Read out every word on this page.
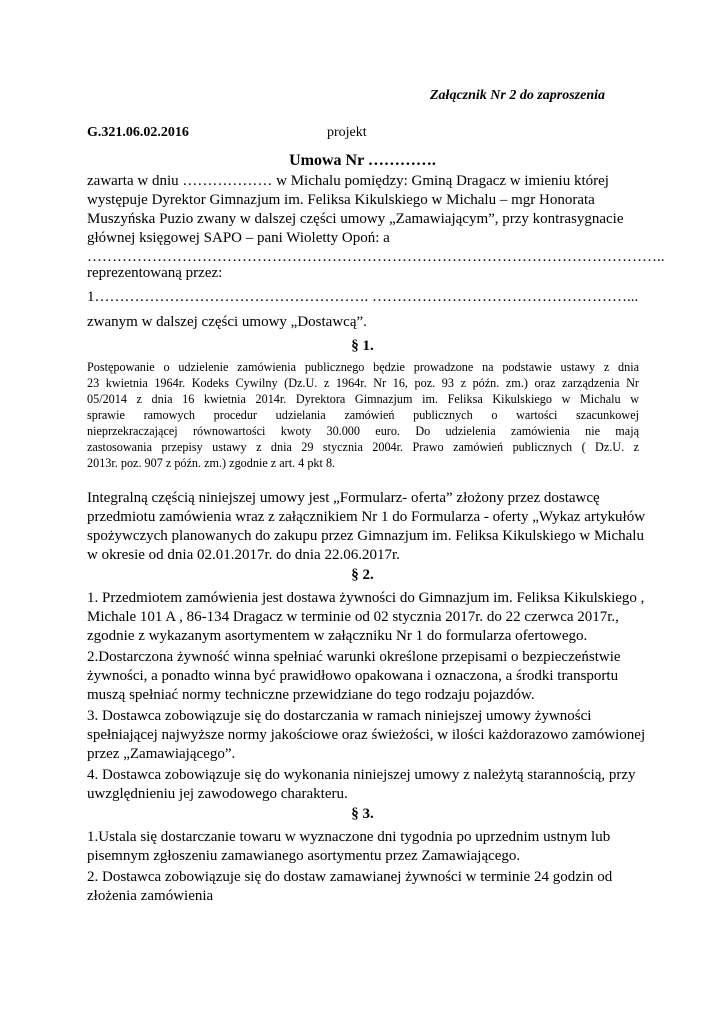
Załącznik Nr 2 do zaproszenia
G.321.06.02.2016	projekt
Umowa Nr ………….
zawarta w dniu ……………… w Michalu pomiędzy: Gminą Dragacz w imieniu której
występuje Dyrektor Gimnazjum im. Feliksa Kikulskiego w Michalu – mgr Honorata
Muszyńska Puzio zwany w dalszej części umowy „Zamawiającym”, przy kontrasygnacie
głównej księgowej SAPO – pani Wioletty Opoń: a
……………………………………………………………………………………………………..
reprezentowaną przez:
1………………………………………………. ……………………………………………...
zwanym w dalszej części umowy „Dostawcą”.
§ 1.
Postępowanie o udzielenie zamówienia publicznego będzie prowadzone na podstawie ustawy z dnia
23 kwietnia 1964r. Kodeks Cywilny (Dz.U. z 1964r. Nr 16, poz. 93 z późn. zm.) oraz zarządzenia Nr
05/2014 z dnia 16 kwietnia 2014r. Dyrektora Gimnazjum im. Feliksa Kikulskiego w Michalu w
sprawie ramowych procedur udzielania zamówień publicznych o wartości szacunkowej
nieprzekraczającej równowartości kwoty 30.000 euro. Do udzielenia zamówienia nie mają
zastosowania przepisy ustawy z dnia 29 stycznia 2004r. Prawo zamówień publicznych ( Dz.U. z
2013r. poz. 907 z późn. zm.) zgodnie z art. 4 pkt 8.
Integralną częścią niniejszej umowy jest „Formularz- oferta” złożony przez dostawcę
przedmiotu zamówienia wraz z załącznikiem Nr 1 do Formularza - oferty „Wykaz artykułów
spożywczych planowanych do zakupu przez Gimnazjum im. Feliksa Kikulskiego w Michalu
w okresie od dnia 02.01.2017r. do dnia 22.06.2017r.
§ 2.
1. Przedmiotem zamówienia jest dostawa żywności do Gimnazjum im. Feliksa Kikulskiego ,
Michale 101 A , 86-134 Dragacz w terminie od 02 stycznia 2017r. do 22 czerwca 2017r.,
zgodnie z wykazanym asortymentem w załączniku Nr 1 do formularza ofertowego.
2.Dostarczona żywność winna spełniać warunki określone przepisami o bezpieczeństwie
żywności, a ponadto winna być prawidłowo opakowana i oznaczona, a środki transportu
muszą spełniać normy techniczne przewidziane do tego rodzaju pojazdów.
3. Dostawca zobowiązuje się do dostarczania w ramach niniejszej umowy żywności
spełniającej najwyższe normy jakościowe oraz świeżości, w ilości każdorazowo zamówionej
przez „Zamawiającego”.
4. Dostawca zobowiązuje się do wykonania niniejszej umowy z należytą starannością, przy
uwzględnieniu jej zawodowego charakteru.
§ 3.
1.Ustala się dostarczanie towaru w wyznaczone dni tygodnia po uprzednim ustnym lub
pisemnym zgłoszeniu zamawianego asortymentu przez Zamawiającego.
2. Dostawca zobowiązuje się do dostaw zamawianej żywności w terminie 24 godzin od
złożenia zamówienia
